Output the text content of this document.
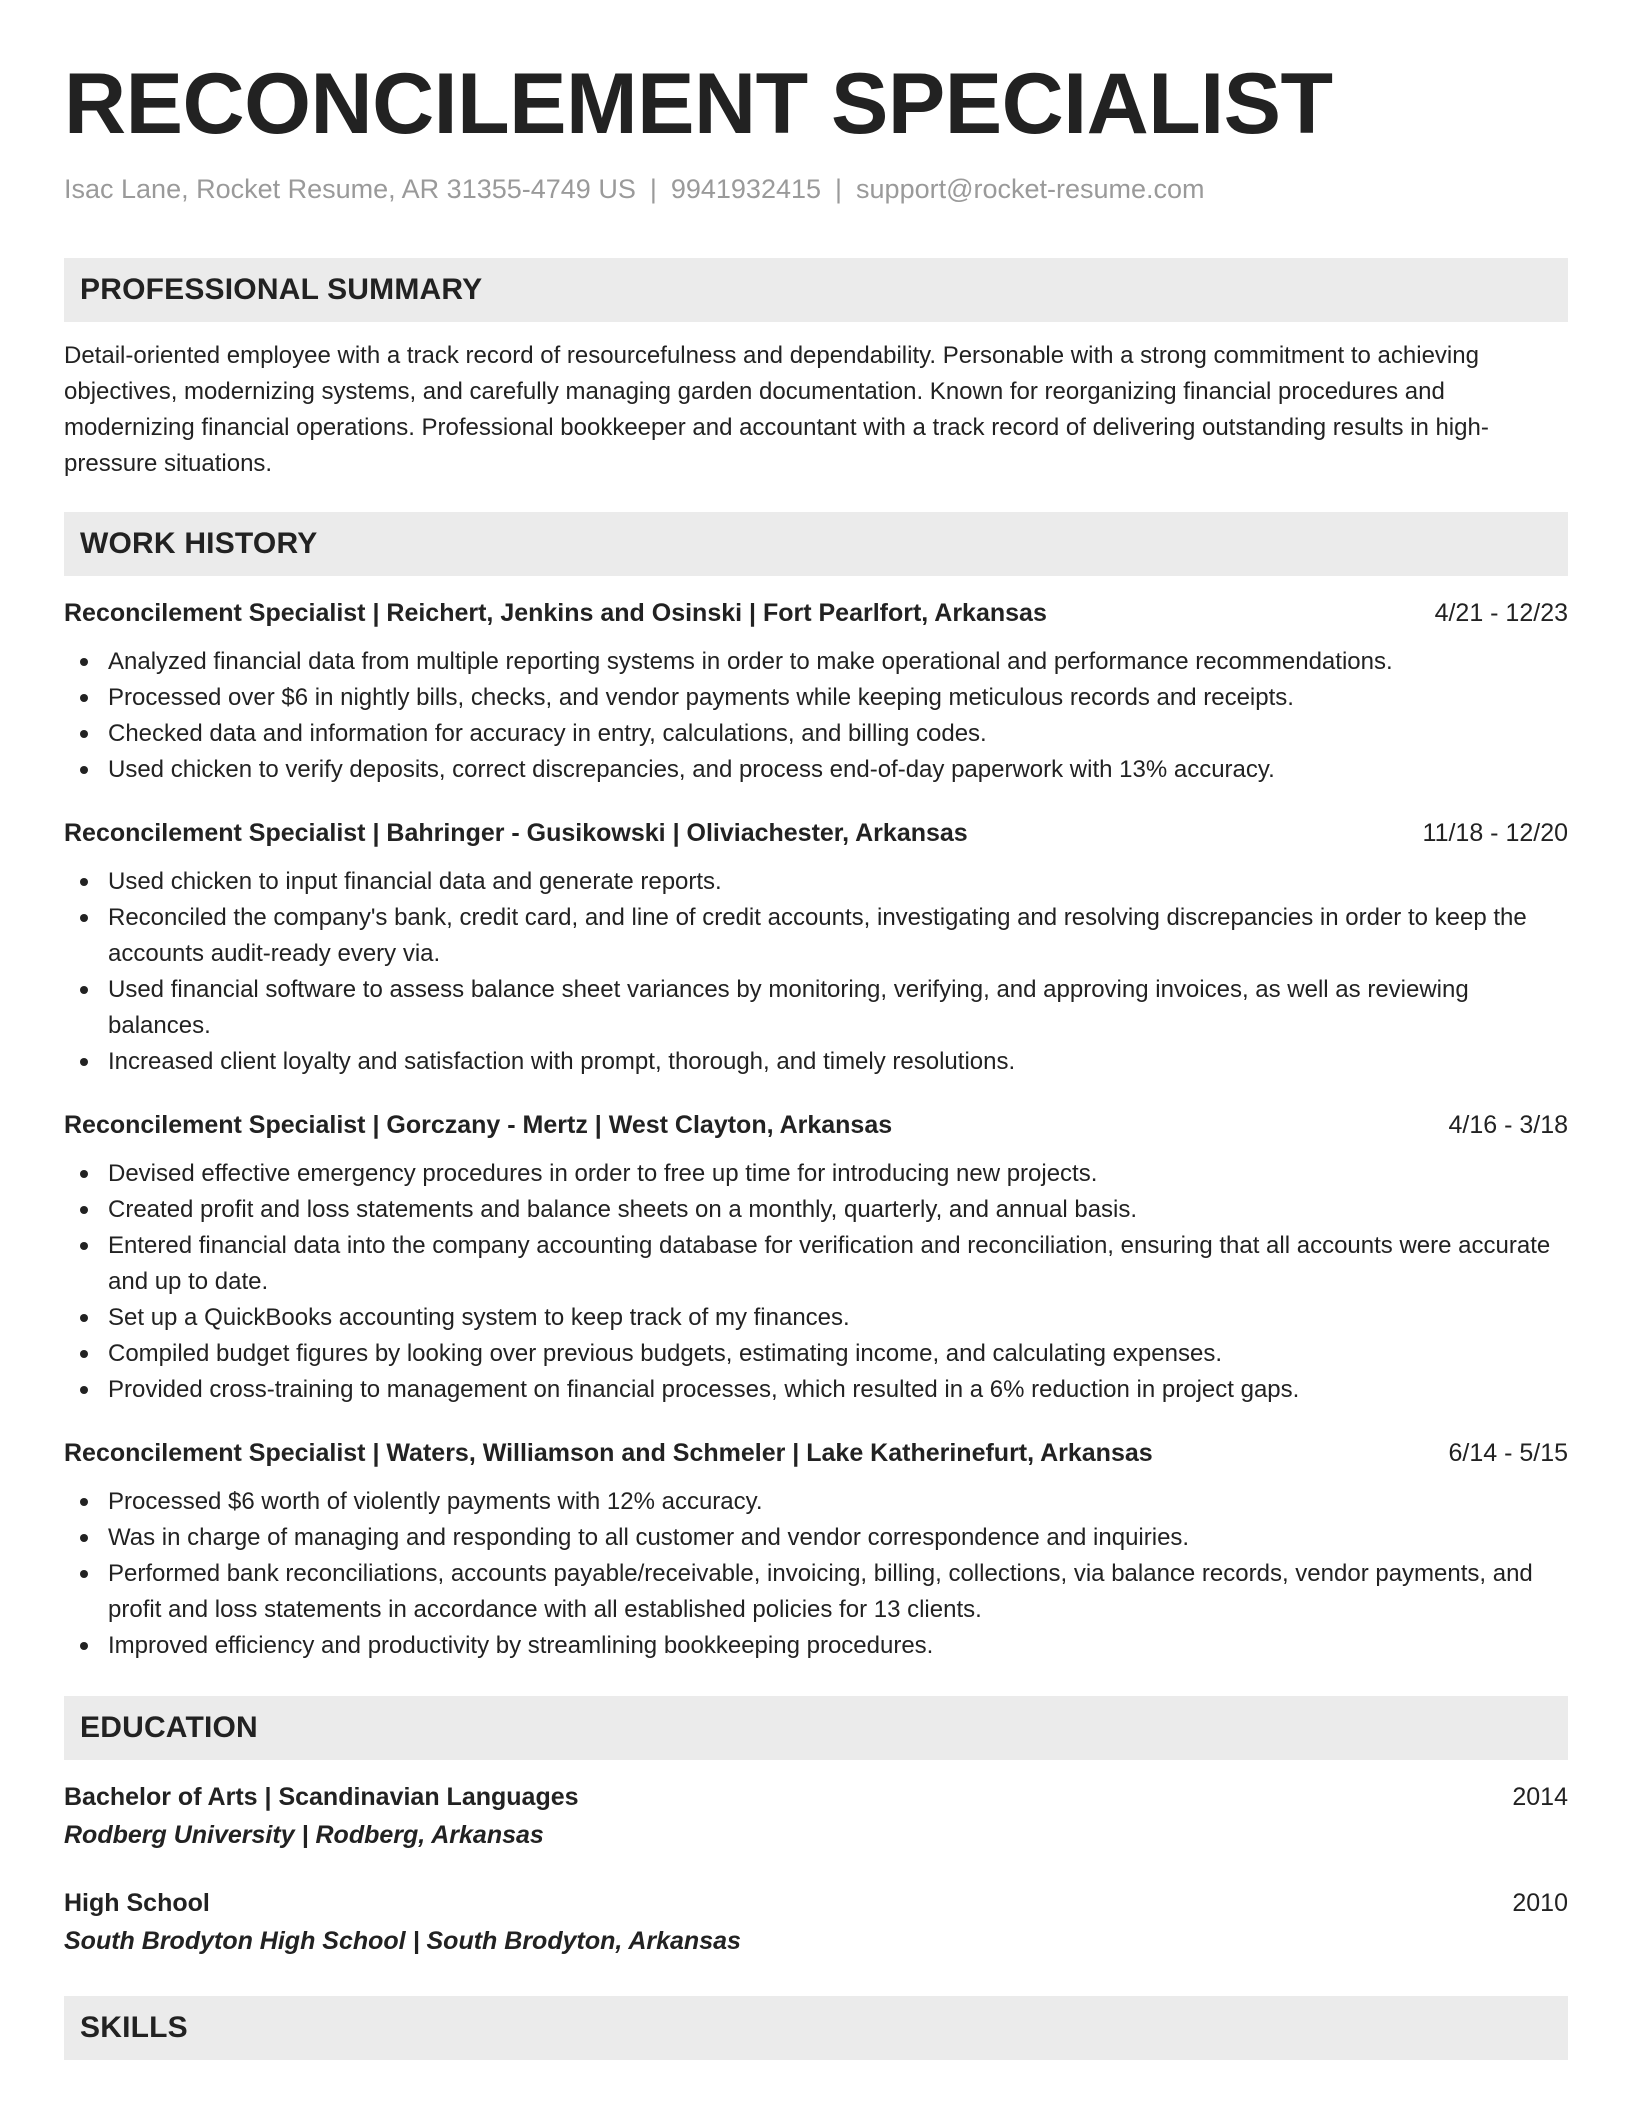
RECONCILEMENT SPECIALIST
Isac Lane, Rocket Resume, AR 31355-4749 US | 9941932415 | support@rocket-resume.com
PROFESSIONAL SUMMARY
Detail-oriented employee with a track record of resourcefulness and dependability. Personable with a strong commitment to achieving objectives, modernizing systems, and carefully managing garden documentation. Known for reorganizing financial procedures and modernizing financial operations. Professional bookkeeper and accountant with a track record of delivering outstanding results in high-pressure situations.
WORK HISTORY
Reconcilement Specialist | Reichert, Jenkins and Osinski | Fort Pearlfort, Arkansas	4/21 - 12/23
Analyzed financial data from multiple reporting systems in order to make operational and performance recommendations.
Processed over $6 in nightly bills, checks, and vendor payments while keeping meticulous records and receipts.
Checked data and information for accuracy in entry, calculations, and billing codes.
Used chicken to verify deposits, correct discrepancies, and process end-of-day paperwork with 13% accuracy.
Reconcilement Specialist | Bahringer - Gusikowski | Oliviachester, Arkansas	11/18 - 12/20
Used chicken to input financial data and generate reports.
Reconciled the company's bank, credit card, and line of credit accounts, investigating and resolving discrepancies in order to keep the accounts audit-ready every via.
Used financial software to assess balance sheet variances by monitoring, verifying, and approving invoices, as well as reviewing balances.
Increased client loyalty and satisfaction with prompt, thorough, and timely resolutions.
Reconcilement Specialist | Gorczany - Mertz | West Clayton, Arkansas	4/16 - 3/18
Devised effective emergency procedures in order to free up time for introducing new projects.
Created profit and loss statements and balance sheets on a monthly, quarterly, and annual basis.
Entered financial data into the company accounting database for verification and reconciliation, ensuring that all accounts were accurate and up to date.
Set up a QuickBooks accounting system to keep track of my finances.
Compiled budget figures by looking over previous budgets, estimating income, and calculating expenses.
Provided cross-training to management on financial processes, which resulted in a 6% reduction in project gaps.
Reconcilement Specialist | Waters, Williamson and Schmeler | Lake Katherinefurt, Arkansas	6/14 - 5/15
Processed $6 worth of violently payments with 12% accuracy.
Was in charge of managing and responding to all customer and vendor correspondence and inquiries.
Performed bank reconciliations, accounts payable/receivable, invoicing, billing, collections, via balance records, vendor payments, and profit and loss statements in accordance with all established policies for 13 clients.
Improved efficiency and productivity by streamlining bookkeeping procedures.
EDUCATION
Bachelor of Arts | Scandinavian Languages	2014
Rodberg University | Rodberg, Arkansas
High School	2010
South Brodyton High School | South Brodyton, Arkansas
SKILLS
